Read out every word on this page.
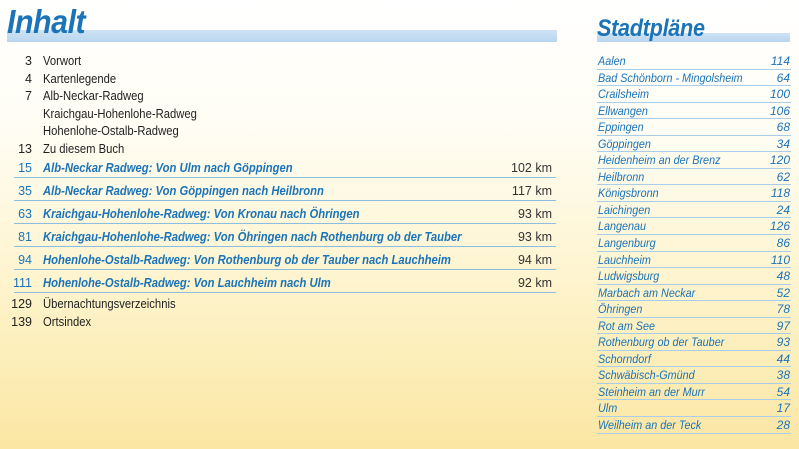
Inhalt	Stadtpläne
3 Vorwort
4 Kartenlegende
7 Alb-Neckar-Radweg
Kraichgau-Hohenlohe-Radweg
Hohenlohe-Ostalb-Radweg
13 Zu diesem Buch
15 Alb-Neckar Radweg: Von Ulm nach Göppingen	102 km
35 Alb-Neckar Radweg: Von Göppingen nach Heilbronn	117 km
63 Kraichgau-Hohenlohe-Radweg: Von Kronau nach Öhringen	93 km
81 Kraichgau-Hohenlohe-Radweg: Von Öhringen nach Rothenburg ob der Tauber	93 km
94 Hohenlohe-Ostalb-Radweg: Von Rothenburg ob der Tauber nach Lauchheim	94 km
111 Hohenlohe-Ostalb-Radweg: Von Lauchheim nach Ulm	92 km
129 Übernachtungsverzeichnis
139 Ortsindex
Aalen	114
Bad Schönborn - Mingolsheim	64
Crailsheim	100
Ellwangen	106
Eppingen	68
Göppingen	34
Heidenheim an der Brenz	120
Heilbronn	62
Königsbronn	118
Laichingen	24
Langenau	126
Langenburg	86
Lauchheim	110
Ludwigsburg	48
Marbach am Neckar	52
Öhringen	78
Rot am See	97
Rothenburg ob der Tauber	93
Schorndorf	44
Schwäbisch-Gmünd	38
Steinheim an der Murr	54
Ulm	17
Weilheim an der Teck	28
